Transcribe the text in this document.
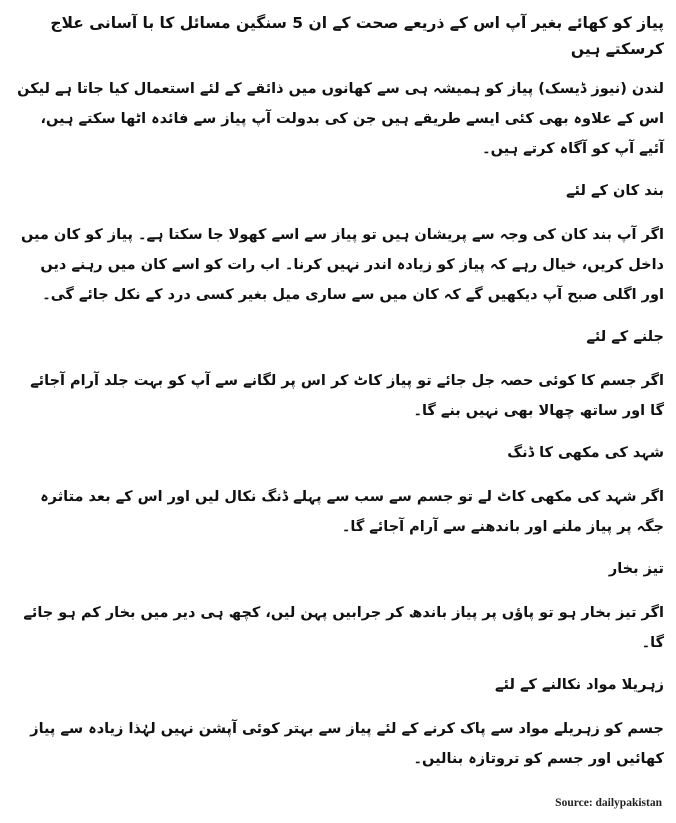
پیاز کو کھائے بغیر آپ اس کے ذریعے صحت کے ان 5 سنگین مسائل کا با آسانی علاج کرسکتے ہیں
لندن (نیوز ڈیسک) پیاز کو ہمیشہ ہی سے کھانوں میں ذائقے کے لئے استعمال کیا جاتا ہے لیکن اس کے علاوہ بھی کئی ایسے طریقے ہیں جن کی بدولت آپ پیاز سے فائدہ اٹھا سکتے ہیں، آئیے آپ کو آگاہ کرتے ہیں۔
بند کان کے لئے
اگر آپ بند کان کی وجہ سے پریشان ہیں تو پیاز سے اسے کھولا جا سکتا ہے۔ پیاز کو کان میں داخل کریں، خیال رہے کہ پیاز کو زیادہ اندر نہیں کرنا۔ اب رات کو اسے کان میں رہنے دیں اور اگلی صبح آپ دیکھیں گے کہ کان میں سے ساری میل بغیر کسی درد کے نکل جائے گی۔
جلنے کے لئے
اگر جسم کا کوئی حصہ جل جائے تو پیاز کاٹ کر اس پر لگانے سے آپ کو بہت جلد آرام آجائے گا اور ساتھ چھالا بھی نہیں بنے گا۔
شہد کی مکھی کا ڈنگ
اگر شہد کی مکھی کاٹ لے تو جسم سے سب سے پہلے ڈنگ نکال لیں اور اس کے بعد متاثرہ جگہ پر پیاز ملنے اور باندھنے سے آرام آجائے گا۔
تیز بخار
اگر تیز بخار ہو تو پاؤں پر پیاز باندھ کر جرابیں پہن لیں، کچھ ہی دیر میں بخار کم ہو جائے گا۔
زہریلا مواد نکالنے کے لئے
جسم کو زہریلے مواد سے پاک کرنے کے لئے پیاز سے بہتر کوئی آپشن نہیں لہٰذا زیادہ سے پیاز کھائیں اور جسم کو تروتازہ بنالیں۔
Source: dailypakistan
